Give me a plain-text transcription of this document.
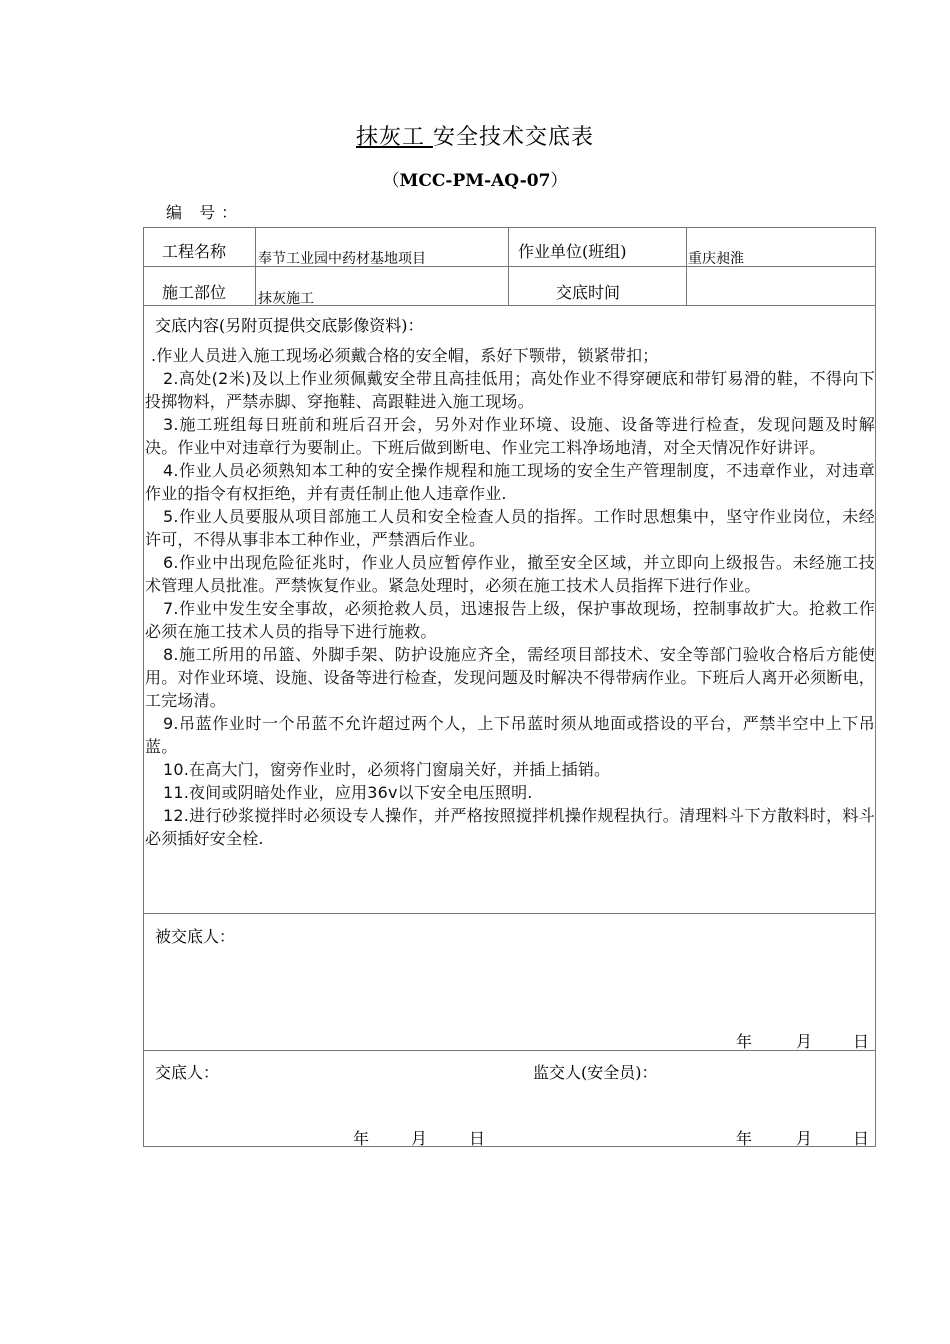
抹灰工 安全技术交底表
（MCC-PM-AQ-07）
编 号：
工程名称 奉节工业园中药材基地项目	作业单位(班组)	重庆昶淮
施工部位 抹灰施工	交底时间
交底内容(另附页提供交底影像资料)：

.作业人员进入施工现场必须戴合格的安全帽，系好下颚带，锁紧带扣；

2.高处(2米)及以上作业须佩戴安全带且高挂低用；高处作业不得穿硬底和带钉易滑的鞋，不得向下投掷物料，严禁赤脚、穿拖鞋、高跟鞋进入施工现场。

3.施工班组每日班前和班后召开会，另外对作业环境、设施、设备等进行检查，发现问题及时解决。作业中对违章行为要制止。下班后做到断电、作业完工料净场地清，对全天情况作好讲评。

4.作业人员必须熟知本工种的安全操作规程和施工现场的安全生产管理制度，不违章作业，对违章作业的指令有权拒绝，并有责任制止他人违章作业.

5.作业人员要服从项目部施工人员和安全检查人员的指挥。工作时思想集中，坚守作业岗位，未经许可，不得从事非本工种作业，严禁酒后作业。

6.作业中出现危险征兆时，作业人员应暂停作业，撤至安全区域，并立即向上级报告。未经施工技术管理人员批准。严禁恢复作业。紧急处理时，必须在施工技术人员指挥下进行作业。

7.作业中发生安全事故，必须抢救人员，迅速报告上级，保护事故现场，控制事故扩大。抢救工作必须在施工技术人员的指导下进行施救。

8.施工所用的吊篮、外脚手架、防护设施应齐全，需经项目部技术、安全等部门验收合格后方能使用。对作业环境、设施、设备等进行检查，发现问题及时解决不得带病作业。下班后人离开必须断电，工完场清。

9.吊蓝作业时一个吊蓝不允许超过两个人，上下吊蓝时须从地面或搭设的平台，严禁半空中上下吊蓝。

10.在高大门，窗旁作业时，必须将门窗扇关好，并插上插销。

11.夜间或阴暗处作业，应用36v以下安全电压照明.

12.进行砂浆搅拌时必须设专人操作，并严格按照搅拌机操作规程执行。清理料斗下方散料时，料斗必须插好安全栓.

被交底人：
年	月	日
交底人：	监交人(安全员)：
年	月	日	年	月	日
